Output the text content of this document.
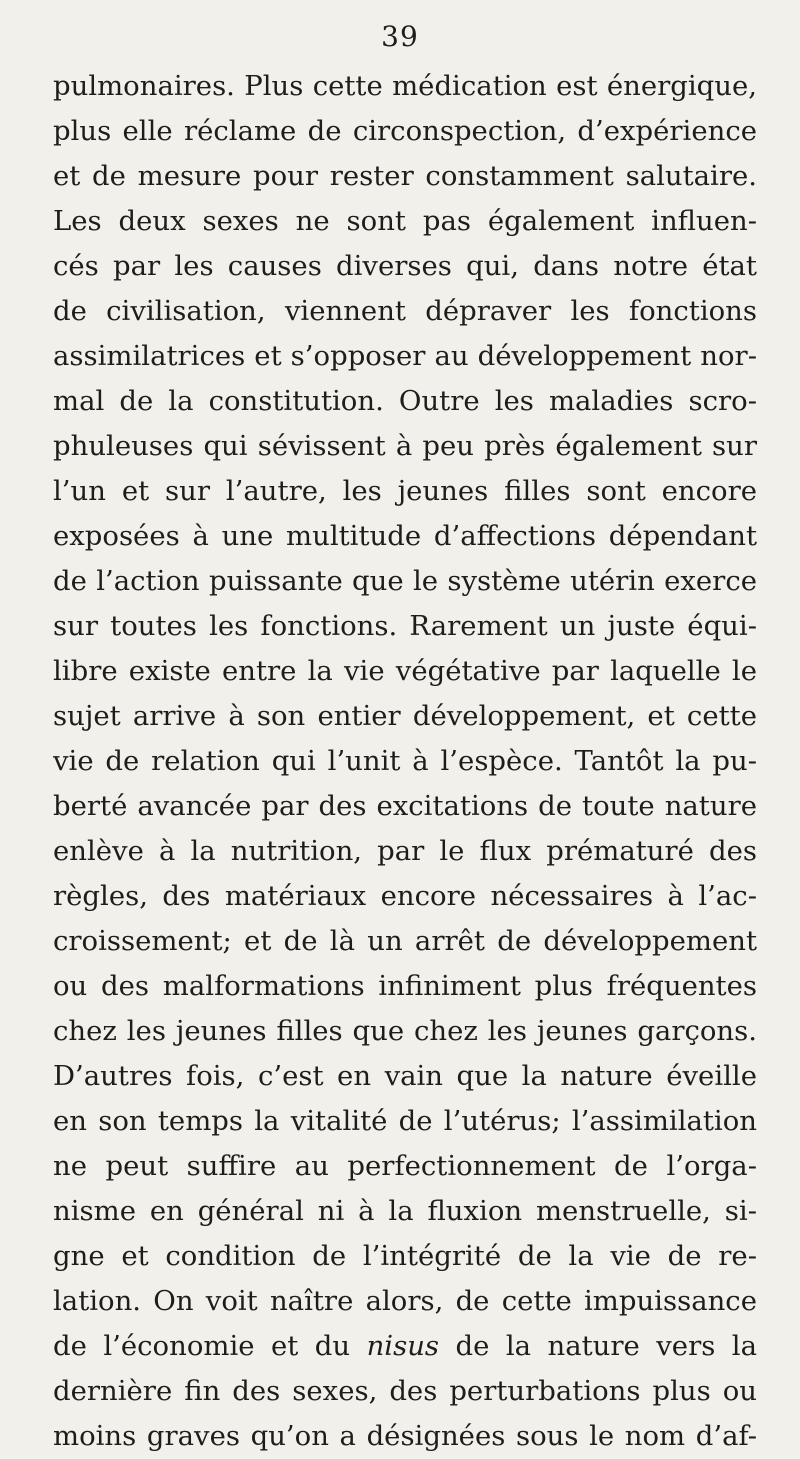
39
pulmonaires. Plus cette médication est énergique,
plus elle réclame de circonspection, d’expérience
et de mesure pour rester constamment salutaire.
Les deux sexes ne sont pas également influen-
cés par les causes diverses qui, dans notre état
de civilisation, viennent dépraver les fonctions
assimilatrices et s’opposer au développement nor-
mal de la constitution. Outre les maladies scro-
phuleuses qui sévissent à peu près également sur
l’un et sur l’autre, les jeunes filles sont encore
exposées à une multitude d’affections dépendant
de l’action puissante que le système utérin exerce
sur toutes les fonctions. Rarement un juste équi-
libre existe entre la vie végétative par laquelle le
sujet arrive à son entier développement, et cette
vie de relation qui l’unit à l’espèce. Tantôt la pu-
berté avancée par des excitations de toute nature
enlève à la nutrition, par le flux prématuré des
règles, des matériaux encore nécessaires à l’ac-
croissement; et de là un arrêt de développement
ou des malformations infiniment plus fréquentes
chez les jeunes filles que chez les jeunes garçons.
D’autres fois, c’est en vain que la nature éveille
en son temps la vitalité de l’utérus; l’assimilation
ne peut suffire au perfectionnement de l’orga-
nisme en général ni à la fluxion menstruelle, si-
gne et condition de l’intégrité de la vie de re-
lation. On voit naître alors, de cette impuissance
de l’économie et du nisus de la nature vers la
dernière fin des sexes, des perturbations plus ou
moins graves qu’on a désignées sous le nom d’af-
